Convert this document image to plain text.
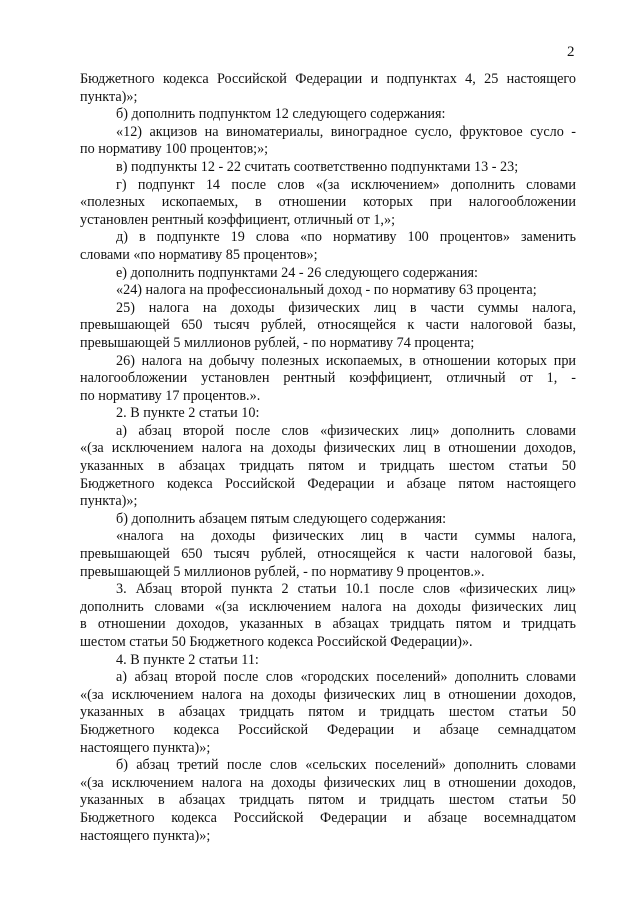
2
Бюджетного кодекса Российской Федерации и подпунктах 4, 25 настоящего
пункта)»;
б) дополнить подпунктом 12 следующего содержания:
«12) акцизов на виноматериалы, виноградное сусло, фруктовое сусло -
по нормативу 100 процентов;»;
в) подпункты 12 - 22 считать соответственно подпунктами 13 - 23;
г) подпункт 14 после слов «(за исключением» дополнить словами
«полезных ископаемых, в отношении которых при налогообложении
установлен рентный коэффициент, отличный от 1,»;
д) в подпункте 19 слова «по нормативу 100 процентов» заменить
словами «по нормативу 85 процентов»;
е) дополнить подпунктами 24 - 26 следующего содержания:
«24) налога на профессиональный доход - по нормативу 63 процента;
25) налога на доходы физических лиц в части суммы налога,
превышающей 650 тысяч рублей, относящейся к части налоговой базы,
превышающей 5 миллионов рублей, - по нормативу 74 процента;
26) налога на добычу полезных ископаемых, в отношении которых при
налогообложении установлен рентный коэффициент, отличный от 1, -
по нормативу 17 процентов.».
2. В пункте 2 статьи 10:
а) абзац второй после слов «физических лиц» дополнить словами
«(за исключением налога на доходы физических лиц в отношении доходов,
указанных в абзацах тридцать пятом и тридцать шестом статьи 50
Бюджетного кодекса Российской Федерации и абзаце пятом настоящего
пункта)»;
б) дополнить абзацем пятым следующего содержания:
«налога на доходы физических лиц в части суммы налога,
превышающей 650 тысяч рублей, относящейся к части налоговой базы,
превышающей 5 миллионов рублей, - по нормативу 9 процентов.».
3. Абзац второй пункта 2 статьи 10.1 после слов «физических лиц»
дополнить словами «(за исключением налога на доходы физических лиц
в отношении доходов, указанных в абзацах тридцать пятом и тридцать
шестом статьи 50 Бюджетного кодекса Российской Федерации)».
4. В пункте 2 статьи 11:
а) абзац второй после слов «городских поселений» дополнить словами
«(за исключением налога на доходы физических лиц в отношении доходов,
указанных в абзацах тридцать пятом и тридцать шестом статьи 50
Бюджетного кодекса Российской Федерации и абзаце семнадцатом
настоящего пункта)»;
б) абзац третий после слов «сельских поселений» дополнить словами
«(за исключением налога на доходы физических лиц в отношении доходов,
указанных в абзацах тридцать пятом и тридцать шестом статьи 50
Бюджетного кодекса Российской Федерации и абзаце восемнадцатом
настоящего пункта)»;
